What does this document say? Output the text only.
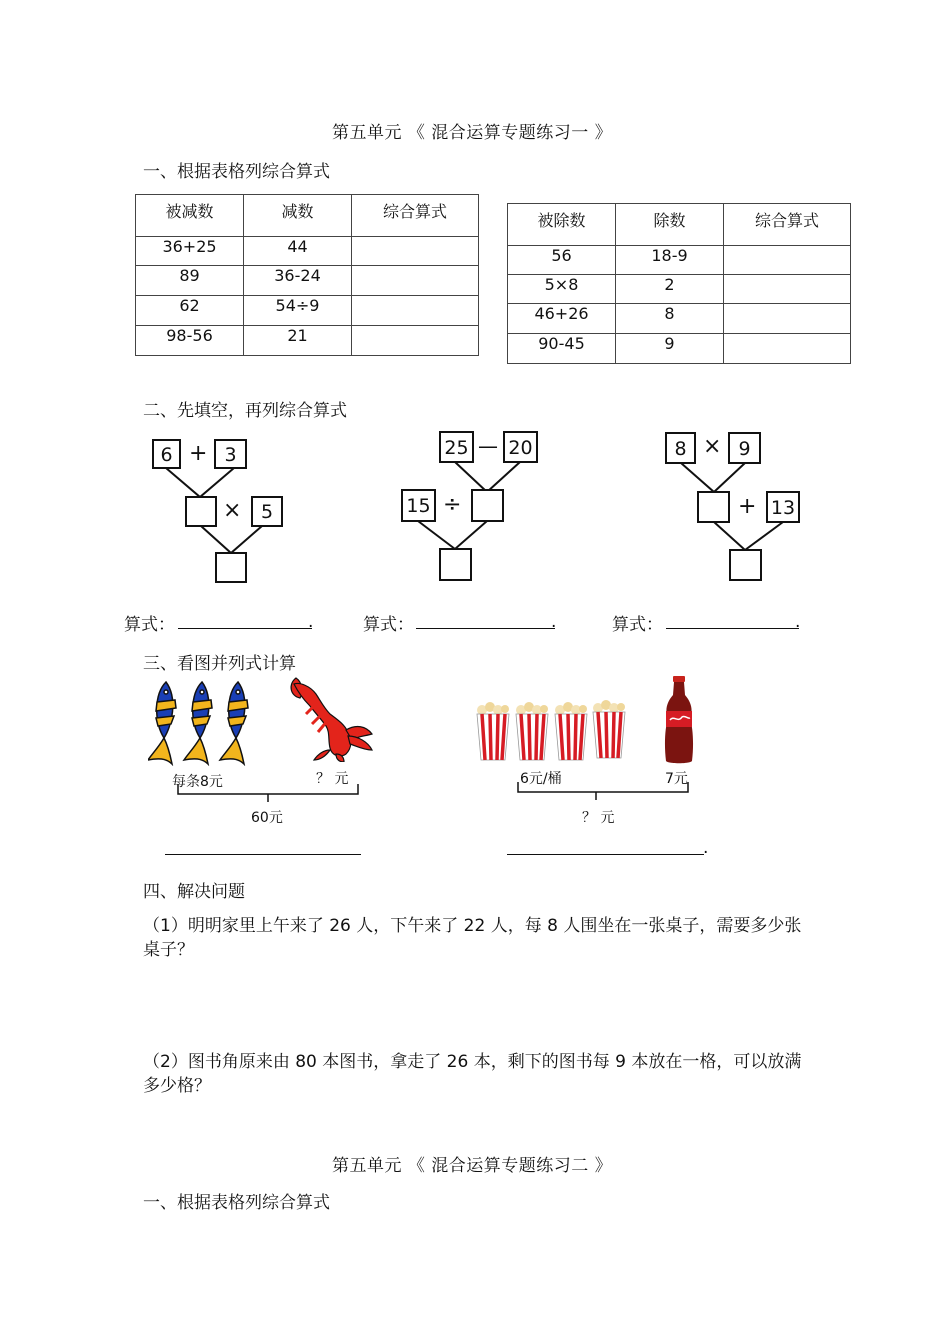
第五单元 《 混合运算专题练习一 》
一、根据表格列综合算式
被减数	减数	综合算式
36+25	44	
89	36-24	
62	54÷9	
98-56	21	
被除数	除数	综合算式
56	18-9	
5×8	2	
46+26	8	
90-45	9	
二、先填空，再列综合算式
6 + 3
×	5
25 — 20
15 ÷
8 × 9
+ 13
算式：	.	算式：	.	算式：	.
三、看图并列式计算
每条8元	？ 元
60元
6元/桶	7元
？ 元
.
四、解决问题
（1）明明家里上午来了 26 人，下午来了 22 人，每 8 人围坐在一张桌子，需要多少张桌子？
（2）图书角原来由 80 本图书，拿走了 26 本，剩下的图书每 9 本放在一格，可以放满多少格？
第五单元 《 混合运算专题练习二 》
一、根据表格列综合算式
